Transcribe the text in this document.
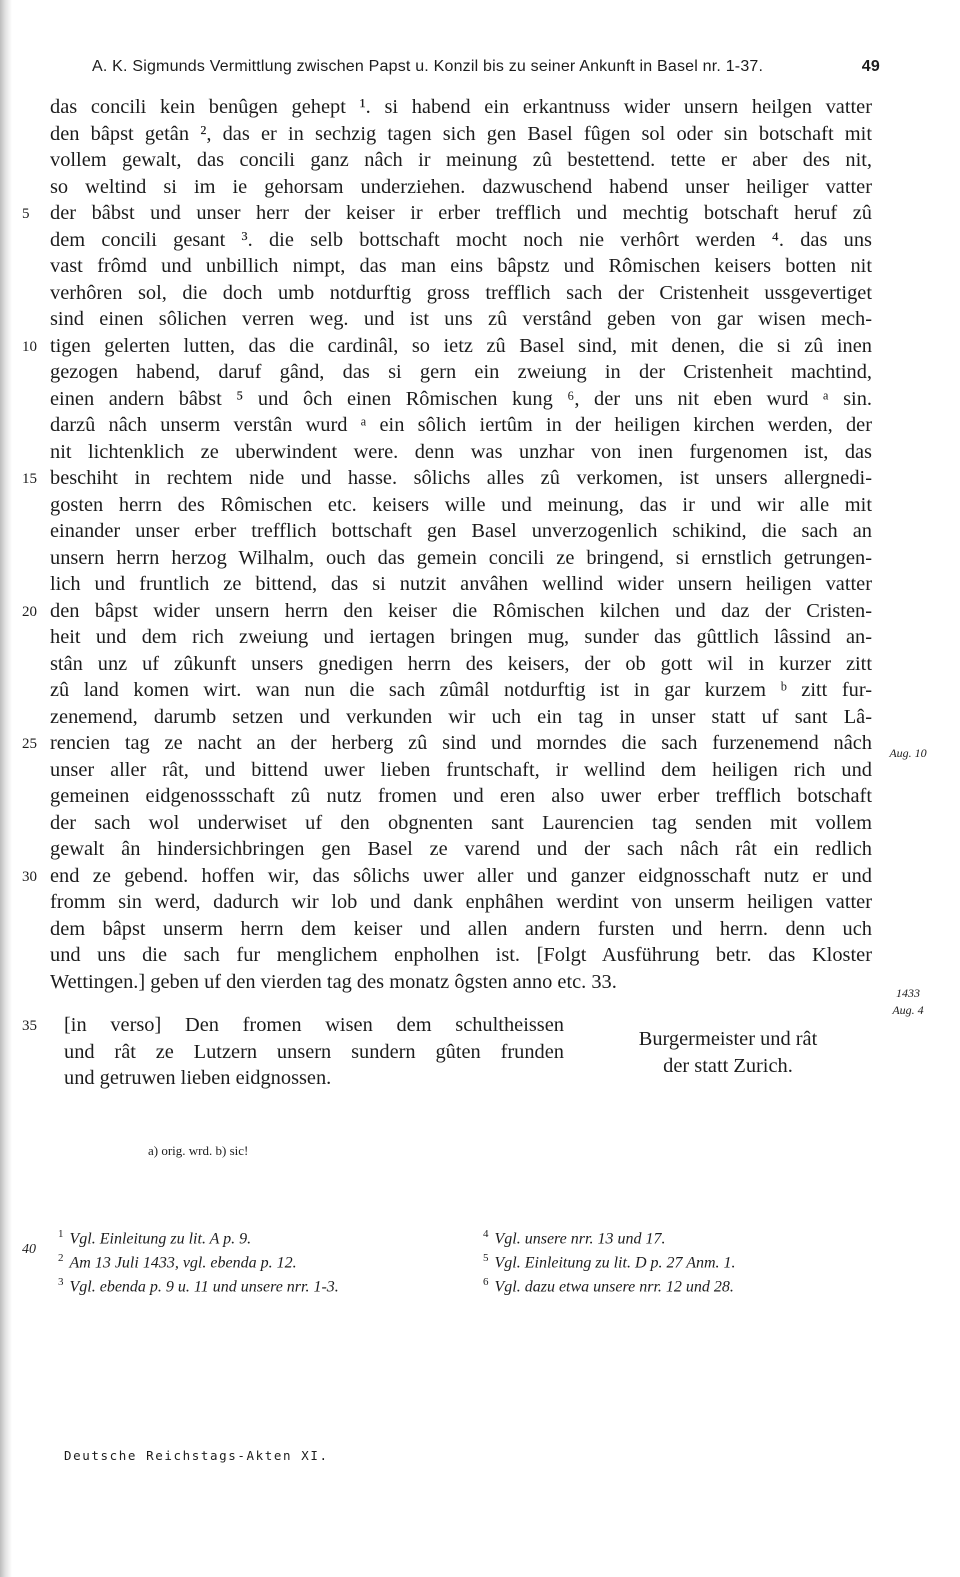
A. K. Sigmunds Vermittlung zwischen Papst u. Konzil bis zu seiner Ankunft in Basel nr. 1-37.	49
das concili kein benûgen gehept ¹. si habend ein erkantnuss wider unsern heilgen vatter
den bâpst getân ², das er in sechzig tagen sich gen Basel fûgen sol oder sin botschaft mit
vollem gewalt, das concili ganz nâch ir meinung zû bestettend. tette er aber des nit,
so weltind si im ie gehorsam underziehen. dazwuschend habend unser heiliger vatter
5 der bâbst und unser herr der keiser ir erber trefflich und mechtig botschaft heruf zû
dem concili gesant ³. die selb bottschaft mocht noch nie verhôrt werden ⁴. das uns
vast frômd und unbillich nimpt, das man eins bâpstz und Rômischen keisers botten nit
verhôren sol, die doch umb notdurftig gross trefflich sach der Cristenheit ussgevertiget
sind einen sôlichen verren weg. und ist uns zû verstând geben von gar wisen mech-
10 tigen gelerten lutten, das die cardinâl, so ietz zû Basel sind, mit denen, die si zû inen
gezogen habend, daruf gând, das si gern ein zweiung in der Cristenheit machtind,
einen andern bâbst ⁵ und ôch einen Rômischen kung ⁶, der uns nit eben wurd ᵃ sin.
darzû nâch unserm verstân wurd ᵃ ein sôlich iertûm in der heiligen kirchen werden, der
nit lichtenklich ze uberwindent were. denn was unzhar von inen furgenomen ist, das
15 beschiht in rechtem nide und hasse. sôlichs alles zû verkomen, ist unsers allergnedi-
gosten herrn des Rômischen etc. keisers wille und meinung, das ir und wir alle mit
einander unser erber trefflich bottschaft gen Basel unverzogenlich schikind, die sach an
unsern herrn herzog Wilhalm, ouch das gemein concili ze bringend, si ernstlich getrungen-
lich und fruntlich ze bittend, das si nutzit anvâhen wellind wider unsern heiligen vatter
20 den bâpst wider unsern herrn den keiser die Rômischen kilchen und daz der Cristen-
heit und dem rich zweiung und iertagen bringen mug, sunder das gûttlich lâssind an-
stân unz uf zûkunft unsers gnedigen herrn des keisers, der ob gott wil in kurzer zitt
zû land komen wirt. wan nun die sach zûmâl notdurftig ist in gar kurzem ᵇ zitt fur-
zenemend, darumb setzen und verkunden wir uch ein tag in unser statt uf sant Lâ-
25 rencien tag ze nacht an der herberg zû sind und morndes die sach furzenemend nâch
unser aller rât, und bittend uwer lieben fruntschaft, ir wellind dem heiligen rich und
gemeinen eidgenossschaft zû nutz fromen und eren also uwer erber trefflich botschaft
der sach wol underwiset uf den obgnenten sant Laurencien tag senden mit vollem
gewalt ân hindersichbringen gen Basel ze varend und der sach nâch rât ein redlich
30 end ze gebend. hoffen wir, das sôlichs uwer aller und ganzer eidgnosschaft nutz er und
fromm sin werd, dadurch wir lob und dank enphâhen werdint von unserm heiligen vatter
dem bâpst unserm herrn dem keiser und allen andern fursten und herrn. denn uch
und uns die sach fur menglichem enpholhen ist. [Folgt Ausführung betr. das Kloster
Wettingen.] geben uf den vierden tag des monatz ôgsten anno etc. 33.
Aug. 10
1433
Aug. 4
35 [in verso] Den fromen wisen dem schultheissen
und rât ze Lutzern unsern sundern gûten frunden
und getruwen lieben eidgnossen.
Burgermeister und rât
der statt Zurich.
a) orig. wrd. b) sic!
40
$^1$ Vgl. Einleitung zu lit. A p. 9.
$^2$ Am 13 Juli 1433, vgl. ebenda p. 12.
$^3$ Vgl. ebenda p. 9 u. 11 und unsere nrr. 1-3.
$^4$ Vgl. unsere nrr. 13 und 17.
$^5$ Vgl. Einleitung zu lit. D p. 27 Anm. 1.
$^6$ Vgl. dazu etwa unsere nrr. 12 und 28.
Deutsche Reichstags-Akten XI.
